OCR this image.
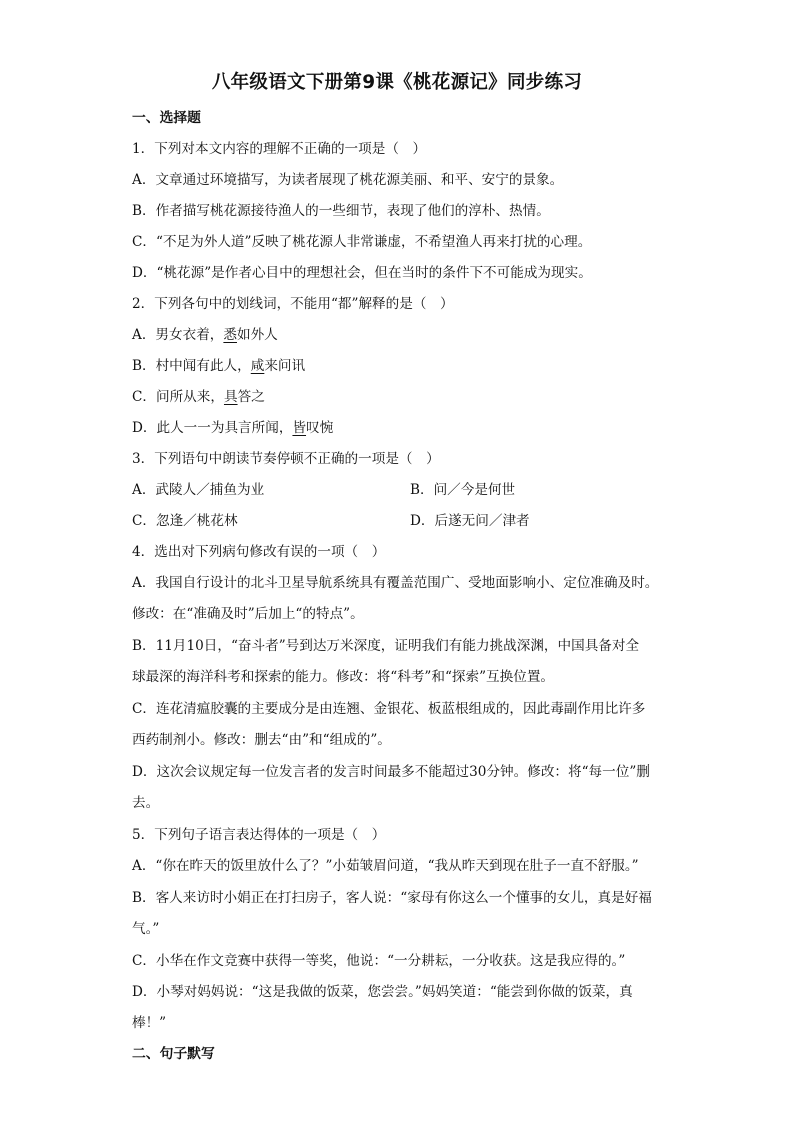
八年级语文下册第9课《桃花源记》同步练习
一、选择题
1．下列对本文内容的理解不正确的一项是（　）
A．文章通过环境描写，为读者展现了桃花源美丽、和平、安宁的景象。
B．作者描写桃花源接待渔人的一些细节，表现了他们的淳朴、热情。
C．“不足为外人道”反映了桃花源人非常谦虚，不希望渔人再来打扰的心理。
D．“桃花源”是作者心目中的理想社会，但在当时的条件下不可能成为现实。
2．下列各句中的划线词，不能用“都”解释的是（　）
A．男女衣着，悉如外人
B．村中闻有此人，咸来问讯
C．问所从来，具答之
D．此人一一为具言所闻，皆叹惋
3．下列语句中朗读节奏停顿不正确的一项是（　）
A．武陵人／捕鱼为业	B．问／今是何世
C．忽逢／桃花林	D．后遂无问／津者
4．选出对下列病句修改有误的一项（　）
A．我国自行设计的北斗卫星导航系统具有覆盖范围广、受地面影响小、定位准确及时。
修改：在“准确及时”后加上“的特点”。
B．11月10日，“奋斗者”号到达万米深度，证明我们有能力挑战深渊，中国具备对全
球最深的海洋科考和探索的能力。修改：将“科考”和“探索”互换位置。
C．连花清瘟胶囊的主要成分是由连翘、金银花、板蓝根组成的，因此毒副作用比许多
西药制剂小。修改：删去“由”和“组成的”。
D．这次会议规定每一位发言者的发言时间最多不能超过30分钟。修改：将“每一位”删
去。
5．下列句子语言表达得体的一项是（　）
A．“你在昨天的饭里放什么了？”小茹皱眉问道，“我从昨天到现在肚子一直不舒服。”
B．客人来访时小娟正在打扫房子，客人说：“家母有你这么一个懂事的女儿，真是好福
气。”
C．小华在作文竞赛中获得一等奖，他说：“一分耕耘，一分收获。这是我应得的。”
D．小琴对妈妈说：“这是我做的饭菜，您尝尝。”妈妈笑道：“能尝到你做的饭菜，真
棒！”
二、句子默写
